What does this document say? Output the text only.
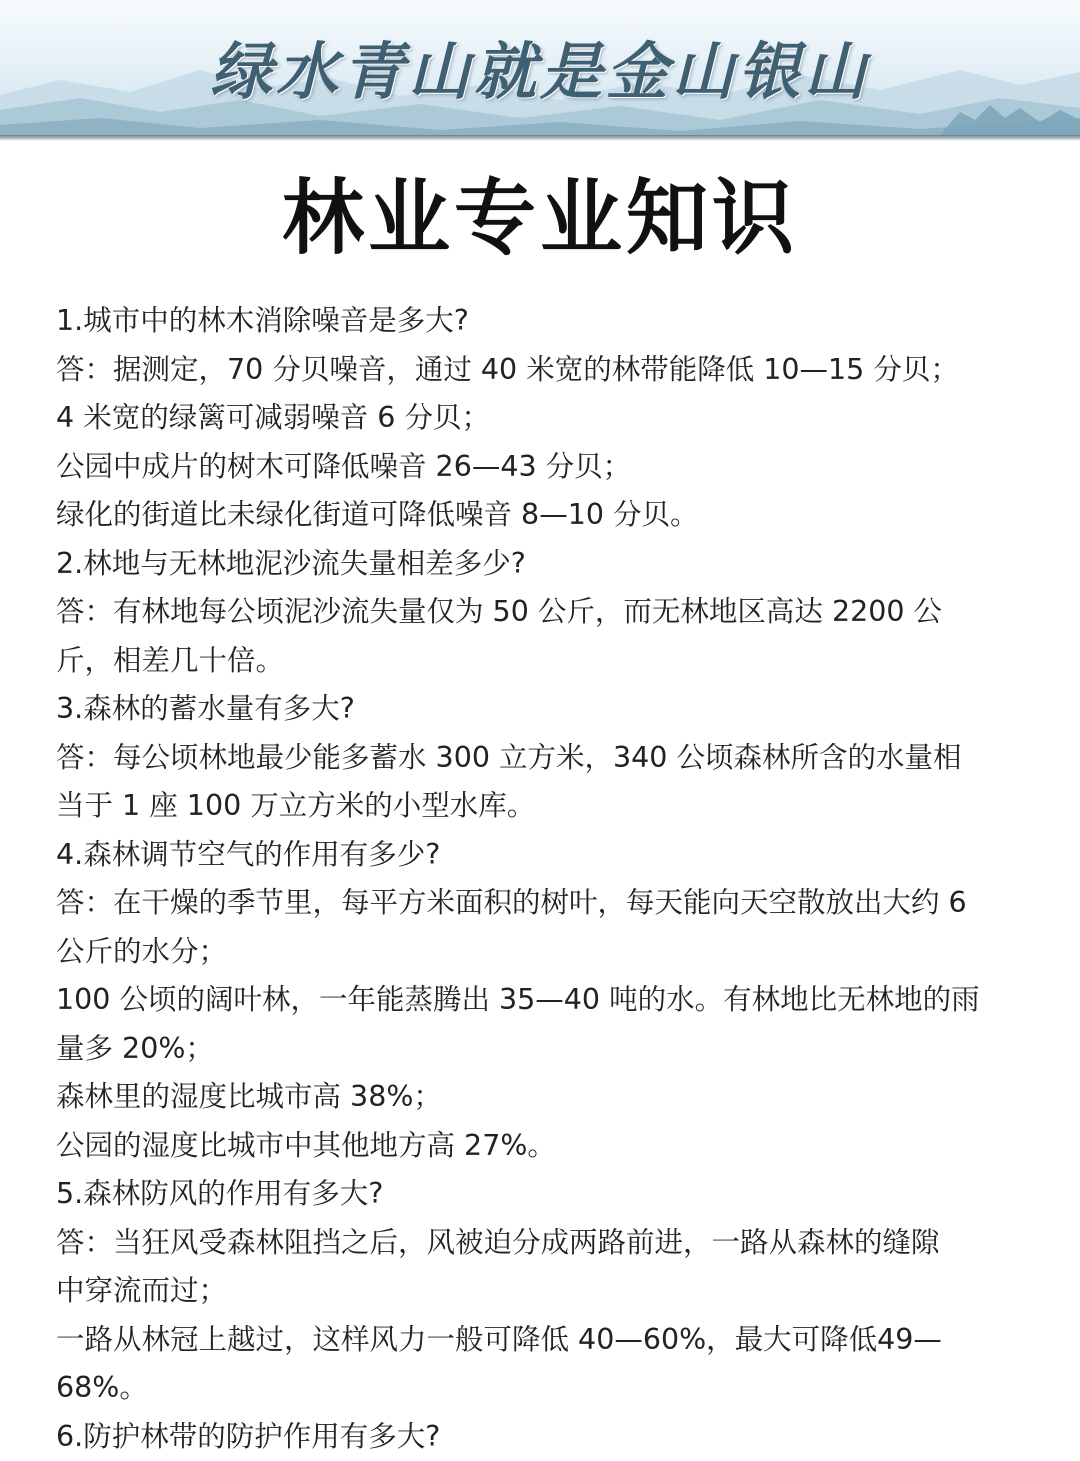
绿水青山就是金山银山
林业专业知识
1.城市中的林木消除噪音是多大?
答：据测定，70 分贝噪音，通过 40 米宽的林带能降低 10—15 分贝；
4 米宽的绿篱可减弱噪音 6 分贝；
公园中成片的树木可降低噪音 26—43 分贝；
绿化的街道比未绿化街道可降低噪音 8—10 分贝。
2.林地与无林地泥沙流失量相差多少?
答：有林地每公顷泥沙流失量仅为 50 公斤，而无林地区高达 2200 公
斤，相差几十倍。
3.森林的蓄水量有多大?
答：每公顷林地最少能多蓄水 300 立方米，340 公顷森林所含的水量相
当于 1 座 100 万立方米的小型水库。
4.森林调节空气的作用有多少?
答：在干燥的季节里，每平方米面积的树叶，每天能向天空散放出大约 6
公斤的水分；
100 公顷的阔叶林，一年能蒸腾出 35—40 吨的水。有林地比无林地的雨
量多 20%；
森林里的湿度比城市高 38%；
公园的湿度比城市中其他地方高 27%。
5.森林防风的作用有多大?
答：当狂风受森林阻挡之后，风被迫分成两路前进，一路从森林的缝隙
中穿流而过；
一路从林冠上越过，这样风力一般可降低 40—60%，最大可降低49—
68%。
6.防护林带的防护作用有多大?
